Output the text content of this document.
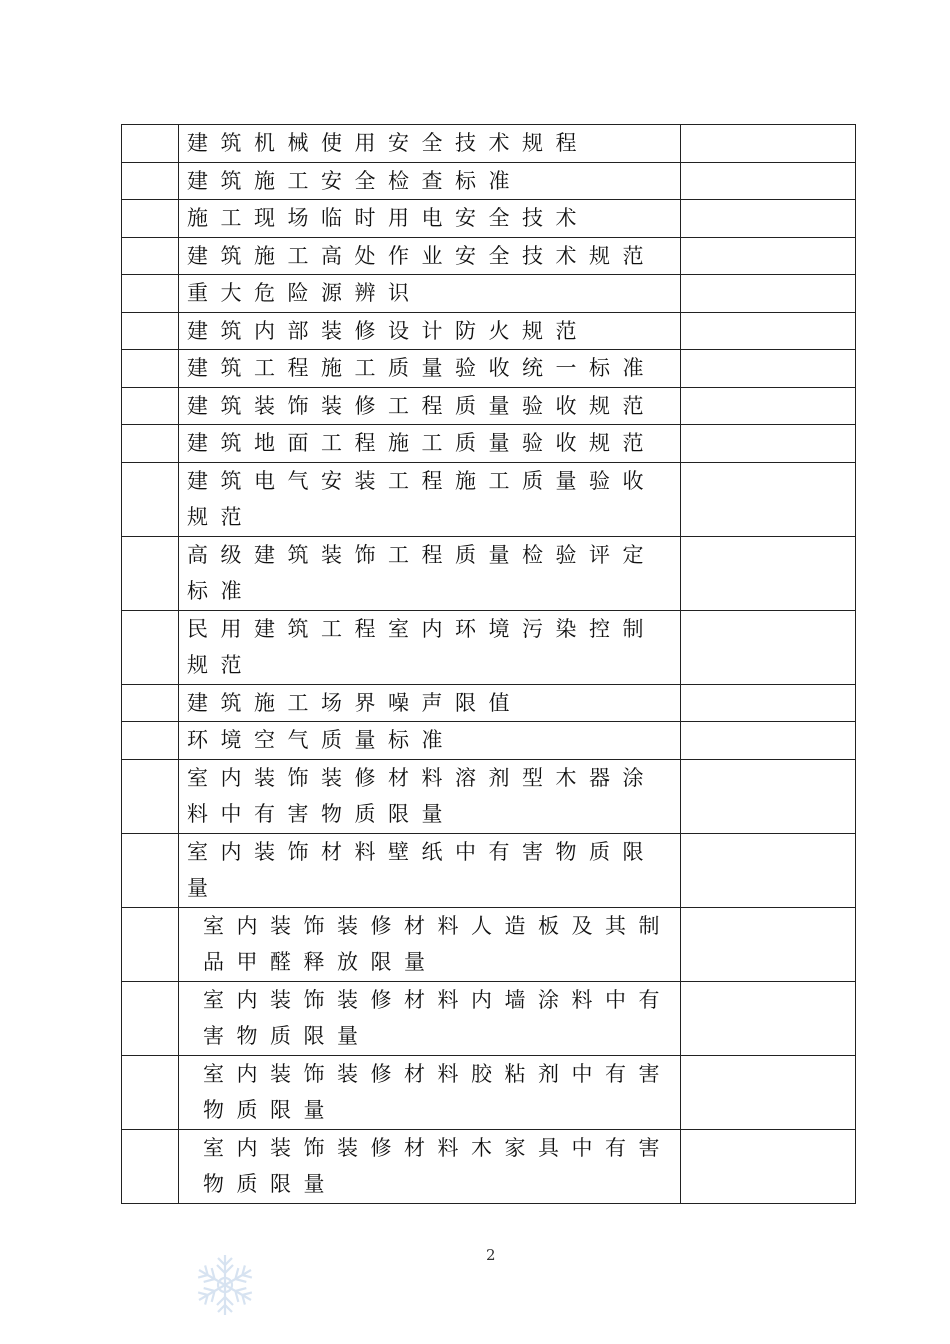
	建筑机械使用安全技术规程	

	建筑施工安全检查标准	

	施工现场临时用电安全技术	

	建筑施工高处作业安全技术规范	

	重大危险源辨识	

	建筑内部装修设计防火规范	

	建筑工程施工质量验收统一标准	

	建筑装饰装修工程质量验收规范	

	建筑地面工程施工质量验收规范	

	建筑电气安装工程施工质量验收规范	

	高级建筑装饰工程质量检验评定标准	

	民用建筑工程室内环境污染控制规范	

	建筑施工场界噪声限值	

	环境空气质量标准	

	室内装饰装修材料溶剂型木器涂料中有害物质限量	

	室内装饰材料壁纸中有害物质限量	

	室内装饰装修材料人造板及其制品甲醛释放限量	

	室内装饰装修材料内墙涂料中有害物质限量	

	室内装饰装修材料胶粘剂中有害物质限量	

	室内装饰装修材料木家具中有害物质限量	

2
